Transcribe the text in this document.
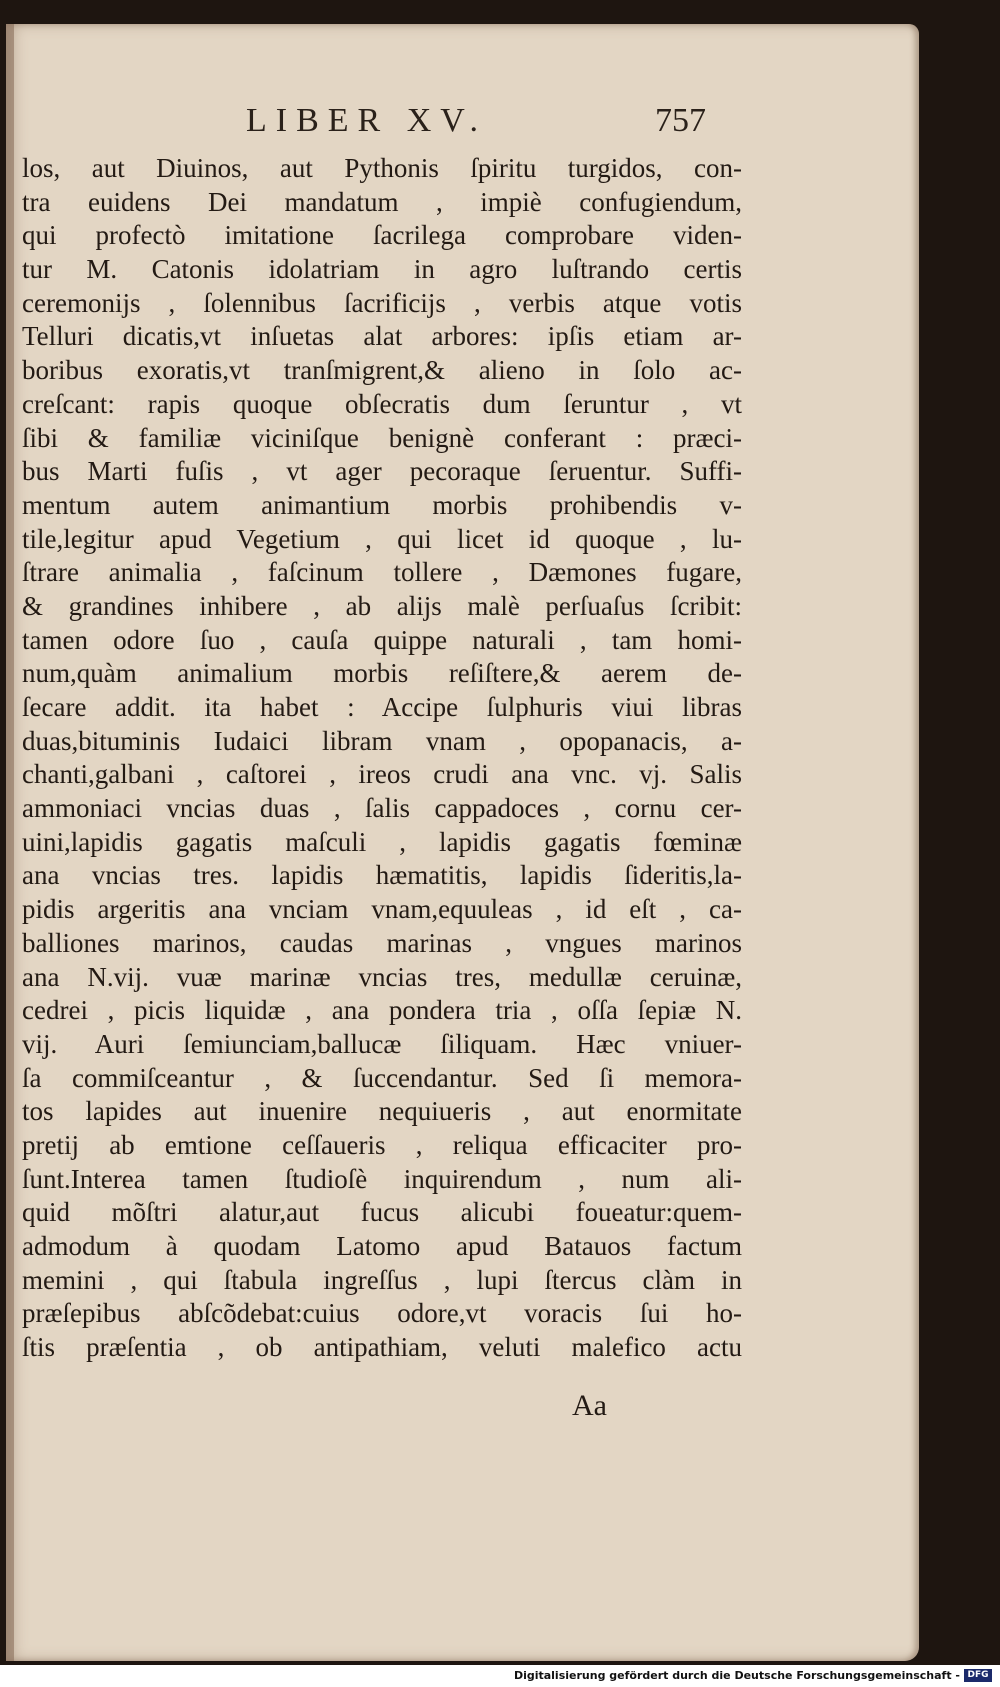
LIBER XV.	757
los, aut Diuinos, aut Pythonis ſpiritu turgidos, con-
tra euidens Dei mandatum , impiè confugiendum,
qui profectò imitatione ſacrilega comprobare viden-
tur M. Catonis idolatriam in agro luſtrando certis
ceremonijs , ſolennibus ſacrificijs , verbis atque votis
Telluri dicatis,vt inſuetas alat arbores: ipſis etiam ar-
boribus exoratis,vt tranſmigrent,& alieno in ſolo ac-
creſcant: rapis quoque obſecratis dum ſeruntur , vt
ſibi & familiæ viciniſque benignè conferant : præci-
bus Marti fuſis , vt ager pecoraque ſeruentur. Suffi-
mentum autem animantium morbis prohibendis v-
tile,legitur apud Vegetium , qui licet id quoque , lu-
ſtrare animalia , faſcinum tollere , Dæmones fugare,
& grandines inhibere , ab alijs malè perſuaſus ſcribit:
tamen odore ſuo , cauſa quippe naturali , tam homi-
num,quàm animalium morbis reſiſtere,& aerem de-
ſecare addit. ita habet : Accipe ſulphuris viui libras
duas,bituminis Iudaici libram vnam , opopanacis, a-
chanti,galbani , caſtorei , ireos crudi ana vnc. vj. Salis
ammoniaci vncias duas , ſalis cappadoces , cornu cer-
uini,lapidis gagatis maſculi , lapidis gagatis fœminæ
ana vncias tres. lapidis hæmatitis, lapidis ſideritis,la-
pidis argeritis ana vnciam vnam,equuleas , id eſt , ca-
balliones marinos, caudas marinas , vngues marinos
ana N.vij. vuæ marinæ vncias tres, medullæ ceruinæ,
cedrei , picis liquidæ , ana pondera tria , oſſa ſepiæ N.
vij. Auri ſemiunciam,ballucæ ſiliquam. Hæc vniuer-
ſa commiſceantur , & ſuccendantur. Sed ſi memora-
tos lapides aut inuenire nequiueris , aut enormitate
pretij ab emtione ceſſaueris , reliqua efficaciter pro-
ſunt.Interea tamen ſtudioſè inquirendum , num ali-
quid mõſtri alatur,aut fucus alicubi foueatur:quem-
admodum à quodam Latomo apud Batauos factum
memini , qui ſtabula ingreſſus , lupi ſtercus clàm in
præſepibus abſcõdebat:cuius odore,vt voracis ſui ho-
ſtis præſentia , ob antipathiam, veluti malefico actu
Aa
Digitalisierung gefördert durch die Deutsche Forschungsgemeinschaft - DFG
